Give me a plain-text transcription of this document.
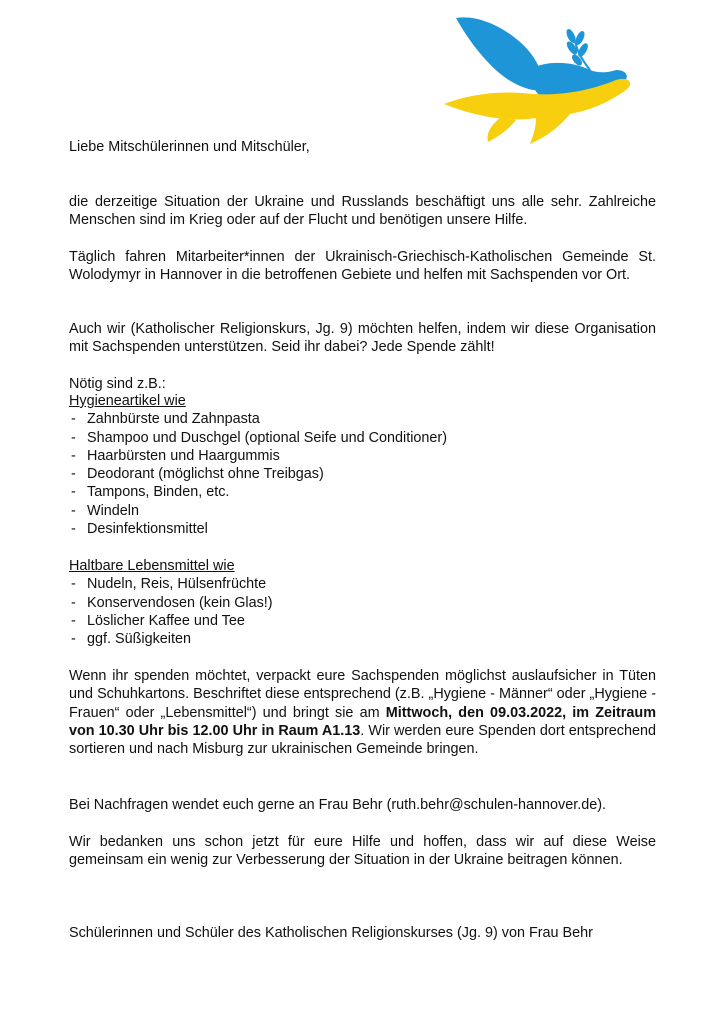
Liebe Mitschülerinnen und Mitschüler,

die derzeitige Situation der Ukraine und Russlands beschäftigt uns alle sehr. Zahlreiche Menschen sind im Krieg oder auf der Flucht und benötigen unsere Hilfe.

Täglich fahren Mitarbeiter*innen der Ukrainisch-Griechisch-Katholischen Gemeinde St. Wolodymyr in Hannover in die betroffenen Gebiete und helfen mit Sachspenden vor Ort.

Auch wir (Katholischer Religionskurs, Jg. 9) möchten helfen, indem wir diese Organisation mit Sachspenden unterstützen. Seid ihr dabei? Jede Spende zählt!

Nötig sind z.B.:

Hygieneartikel wie
- Zahnbürste und Zahnpasta
- Shampoo und Duschgel (optional Seife und Conditioner)
- Haarbürsten und Haargummis
- Deodorant (möglichst ohne Treibgas)
- Tampons, Binden, etc.
- Windeln
- Desinfektionsmittel
Haltbare Lebensmittel wie
- Nudeln, Reis, Hülsenfrüchte
- Konservendosen (kein Glas!)
- Löslicher Kaffee und Tee
- ggf. Süßigkeiten

Wenn ihr spenden möchtet, verpackt eure Sachspenden möglichst auslaufsicher in Tüten und Schuhkartons. Beschriftet diese entsprechend (z.B. „Hygiene - Männer“ oder „Hygiene - Frauen“ oder „Lebensmittel“) und bringt sie am Mittwoch, den 09.03.2022, im Zeitraum von 10.30 Uhr bis 12.00 Uhr in Raum A1.13. Wir werden eure Spenden dort entsprechend sortieren und nach Misburg zur ukrainischen Gemeinde bringen.

Bei Nachfragen wendet euch gerne an Frau Behr (ruth.behr@schulen-hannover.de).

Wir bedanken uns schon jetzt für eure Hilfe und hoffen, dass wir auf diese Weise gemeinsam ein wenig zur Verbesserung der Situation in der Ukraine beitragen können.

Schülerinnen und Schüler des Katholischen Religionskurses (Jg. 9) von Frau Behr
